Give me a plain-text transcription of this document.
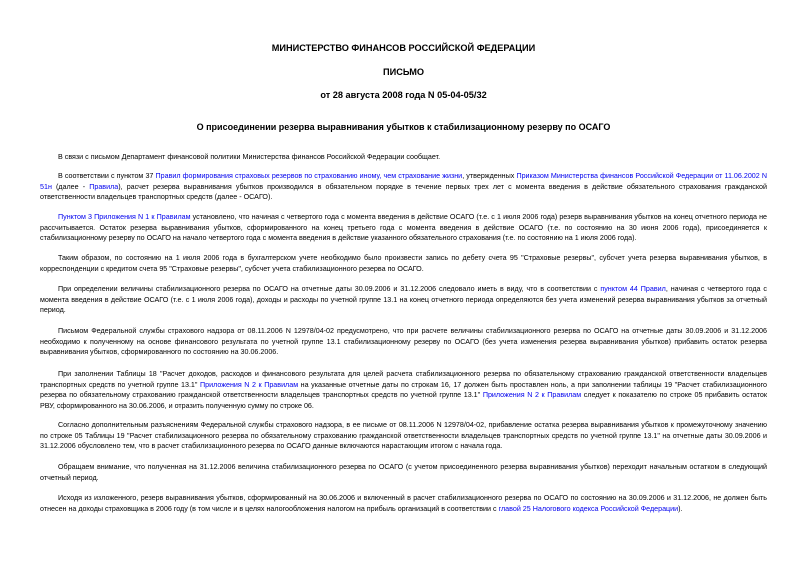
МИНИСТЕРСТВО ФИНАНСОВ РОССИЙСКОЙ ФЕДЕРАЦИИ
ПИСЬМО
от 28 августа 2008 года N 05-04-05/32
О присоединении резерва выравнивания убытков к стабилизационному резерву по ОСАГО

В связи с письмом Департамент финансовой политики Министерства финансов Российской Федерации сообщает.

В соответствии с пунктом 37 Правил формирования страховых резервов по страхованию иному, чем страхование жизни, утвержденных Приказом Министерства финансов Российской Федерации от 11.06.2002 N 51н (далее - Правила), расчет резерва выравнивания убытков производился в обязательном порядке в течение первых трех лет с момента введения в действие обязательного страхования гражданской ответственности владельцев транспортных средств (далее - ОСАГО).

Пунктом 3 Приложения N 1 к Правилам установлено, что начиная с четвертого года с момента введения в действие ОСАГО (т.е. с 1 июля 2006 года) резерв выравнивания убытков на конец отчетного периода не рассчитывается. Остаток резерва выравнивания убытков, сформированного на конец третьего года с момента введения в действие ОСАГО (т.е. по состоянию на 30 июня 2006 года), присоединяется к стабилизационному резерву по ОСАГО на начало четвертого года с момента введения в действие указанного обязательного страхования (т.е. по состоянию на 1 июля 2006 года).

Таким образом, по состоянию на 1 июля 2006 года в бухгалтерском учете необходимо было произвести запись по дебету счета 95 "Страховые резервы", субсчет учета резерва выравнивания убытков, в корреспонденции с кредитом счета 95 "Страховые резервы", субсчет учета стабилизационного резерва по ОСАГО.

При определении величины стабилизационного резерва по ОСАГО на отчетные даты 30.09.2006 и 31.12.2006 следовало иметь в виду, что в соответствии с пунктом 44 Правил, начиная с четвертого года с момента введения в действие ОСАГО (т.е. с 1 июля 2006 года), доходы и расходы по учетной группе 13.1 на конец отчетного периода определяются без учета изменений резерва выравнивания убытков за отчетный период.

Письмом Федеральной службы страхового надзора от 08.11.2006 N 12978/04-02 предусмотрено, что при расчете величины стабилизационного резерва по ОСАГО на отчетные даты 30.09.2006 и 31.12.2006 необходимо к полученному на основе финансового результата по учетной группе 13.1 стабилизационному резерву по ОСАГО (без учета изменения резерва выравнивания убытков) прибавить остаток резерва выравнивания убытков, сформированного по состоянию на 30.06.2006.

При заполнении Таблицы 18 "Расчет доходов, расходов и финансового результата для целей расчета стабилизационного резерва по обязательному страхованию гражданской ответственности владельцев транспортных средств по учетной группе 13.1" Приложения N 2 к Правилам на указанные отчетные даты по строкам 16, 17 должен быть проставлен ноль, а при заполнении таблицы 19 "Расчет стабилизационного резерва по обязательному страхованию гражданской ответственности владельцев транспортных средств по учетной группе 13.1" Приложения N 2 к Правилам следует к показателю по строке 05 прибавить остаток РВУ, сформированного на 30.06.2006, и отразить полученную сумму по строке 06.

Согласно дополнительным разъяснениям Федеральной службы страхового надзора, в ее письме от 08.11.2006 N 12978/04-02, прибавление остатка резерва выравнивания убытков к промежуточному значению по строке 05 Таблицы 19 "Расчет стабилизационного резерва по обязательному страхованию гражданской ответственности владельцев транспортных средств по учетной группе 13.1" на отчетные даты 30.09.2006 и 31.12.2006 обусловлено тем, что в расчет стабилизационного резерва по ОСАГО данные включаются нарастающим итогом с начала года.

Обращаем внимание, что полученная на 31.12.2006 величина стабилизационного резерва по ОСАГО (с учетом присоединенного резерва выравнивания убытков) переходит начальным остатком в следующий отчетный период.

Исходя из изложенного, резерв выравнивания убытков, сформированный на 30.06.2006 и включенный в расчет стабилизационного резерва по ОСАГО по состоянию на 30.09.2006 и 31.12.2006, не должен быть отнесен на доходы страховщика в 2006 году (в том числе и в целях налогообложения налогом на прибыль организаций в соответствии с главой 25 Налогового кодекса Российской Федерации).
